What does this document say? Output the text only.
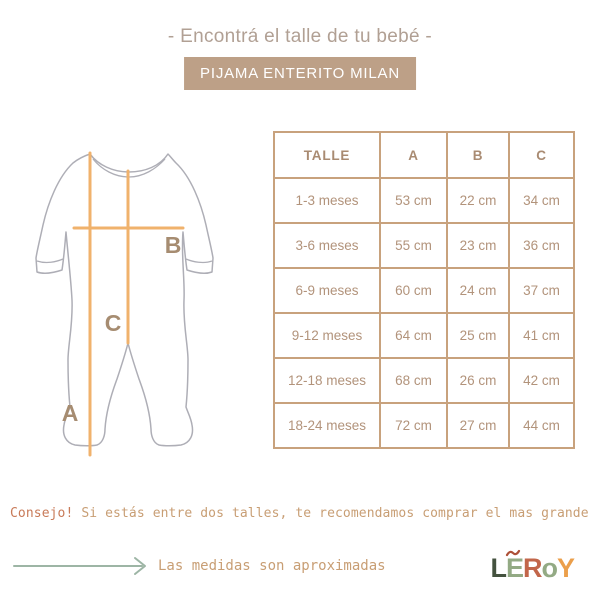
- Encontrá el talle de tu bebé -
PIJAMA ENTERITO MILAN
A
B
C
TALLE	A	B	C
1-3 meses	53 cm	22 cm	34 cm
3-6 meses	55 cm	23 cm	36 cm
6-9 meses	60 cm	24 cm	37 cm
9-12 meses	64 cm	25 cm	41 cm
12-18 meses	68 cm	26 cm	42 cm
18-24 meses	72 cm	27 cm	44 cm
Consejo! Si estás entre dos talles, te recomendamos comprar el mas grande
Las medidas son aproximadas	LERoY
